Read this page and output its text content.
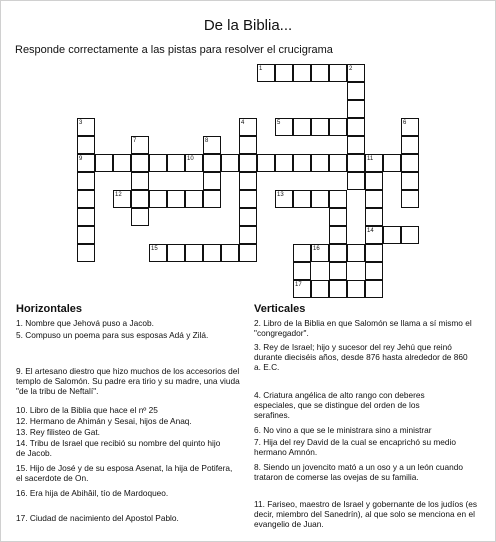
De la Biblia...
Responde correctamente a las pistas para resolver el crucigrama
1
5
9	10	11
12	13
14
15	16
17
2
3	4	6
7	8
Horizontales	Verticales
1. Nombre que Jehová puso a Jacob.
5. Compuso un poema para sus esposas Adá y Zilá.
9. El artesano diestro que hizo muchos de los accesorios del templo de Salomón. Su padre era tirio y su madre, una viuda "de la tribu de Neftalí".
10. Libro de la Biblia que hace el nº 25
12. Hermano de Ahimán y Sesai, hijos de Anaq.
13. Rey filisteo de Gat.
14. Tribu de Israel que recibió su nombre del quinto hijo de Jacob.
15. Hijo de José y de su esposa Asenat, la hija de Potifera, el sacerdote de On.
16. Era hija de Abihâil, tío de Mardoqueo.
17. Ciudad de nacimiento del Apostol Pablo.
2. Libro de la Biblia en que Salomón se llama a sí mismo el "congregador".
3. Rey de Israel; hijo y sucesor del rey Jehú que reinó durante dieciséis años, desde 876 hasta alrededor de 860 a. E.C.
4. Criatura angélica de alto rango con deberes especiales, que se distingue del orden de los serafines.
6. No vino a que se le ministrara sino a ministrar
7. Hija del rey David de la cual se encaprichó su medio hermano Amnón.
8. Siendo un jovencito mató a un oso y a un león cuando trataron de comerse las ovejas de su familia.
11. Fariseo, maestro de Israel y gobernante de los judíos (es decir, miembro del Sanedrín), al que solo se menciona en el evangelio de Juan.
